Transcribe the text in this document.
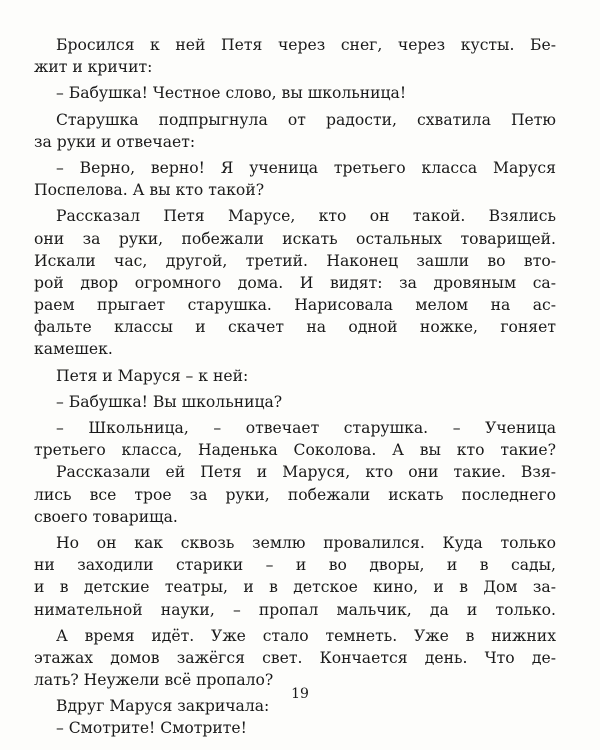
Бросился к ней Петя через снег, через кусты. Бе-
жит и кричит:
– Бабушка! Честное слово, вы школьница!
Старушка подпрыгнула от радости, схватила Петю
за руки и отвечает:
– Верно, верно! Я ученица третьего класса Маруся
Поспелова. А вы кто такой?
Рассказал Петя Марусе, кто он такой. Взялись
они за руки, побежали искать остальных товарищей.
Искали час, другой, третий. Наконец зашли во вто-
рой двор огромного дома. И видят: за дровяным са-
раем прыгает старушка. Нарисовала мелом на ас-
фальте классы и скачет на одной ножке, гоняет
камешек.
Петя и Маруся – к ней:
– Бабушка! Вы школьница?
– Школьница, – отвечает старушка. – Ученица
третьего класса, Наденька Соколова. А вы кто такие?
Рассказали ей Петя и Маруся, кто они такие. Взя-
лись все трое за руки, побежали искать последнего
своего товарища.
Но он как сквозь землю провалился. Куда только
ни заходили старики – и во дворы, и в сады,
и в детские театры, и в детское кино, и в Дом за-
нимательной науки, – пропал мальчик, да и только.
А время идёт. Уже стало темнеть. Уже в нижних
этажах домов зажёгся свет. Кончается день. Что де-
лать? Неужели всё пропало?
Вдруг Маруся закричала:
– Смотрите! Смотрите!
19
